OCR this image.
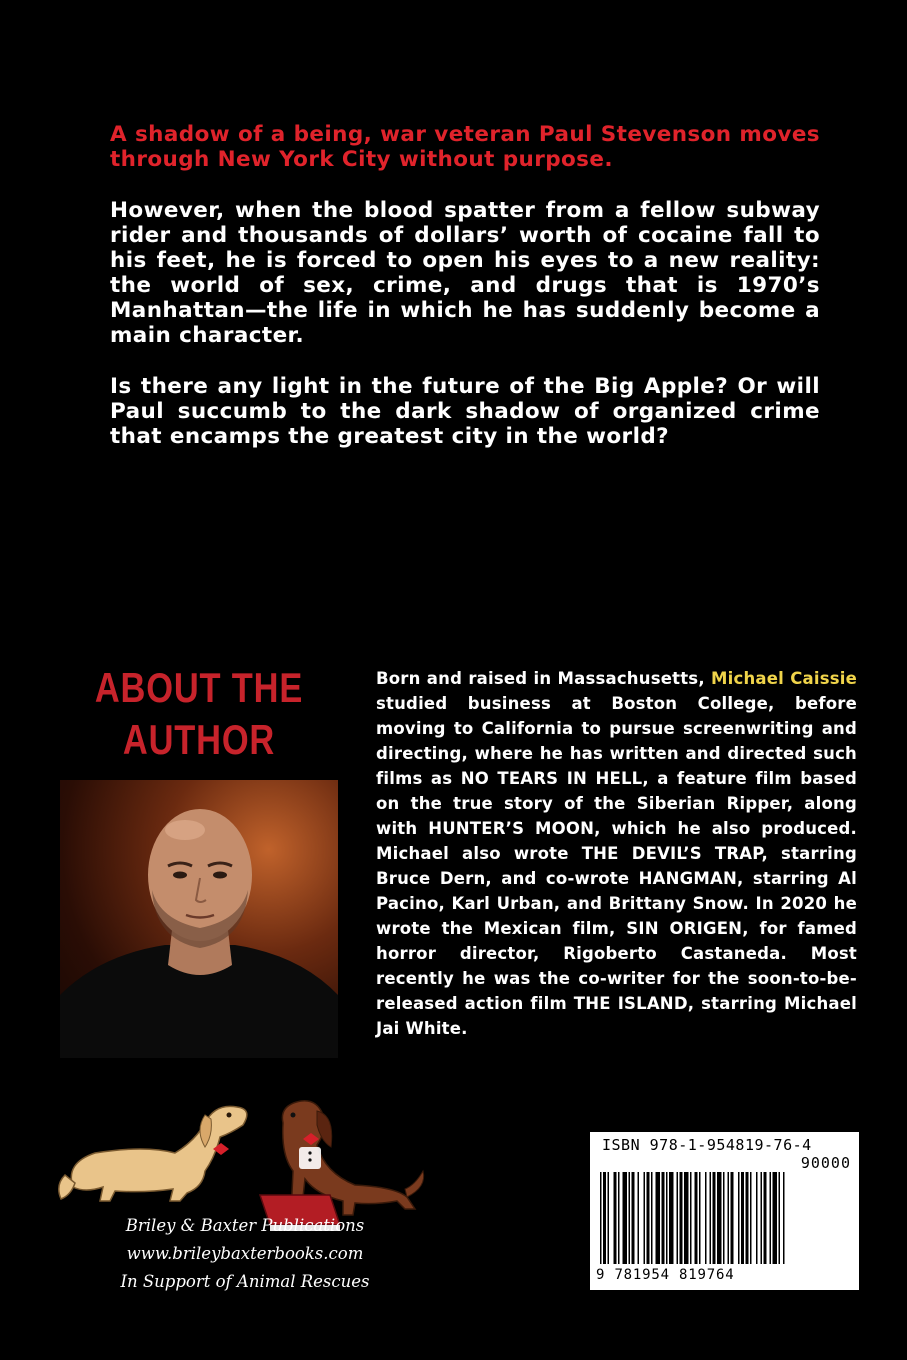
A shadow of a being, war veteran Paul Stevenson moves through New York City without purpose.

However, when the blood spatter from a fellow subway rider and thousands of dollars’ worth of cocaine fall to his feet, he is forced to open his eyes to a new reality: the world of sex, crime, and drugs that is 1970’s Manhattan—the life in which he has suddenly become a main character.

Is there any light in the future of the Big Apple? Or will Paul succumb to the dark shadow of organized crime that encamps the greatest city in the world?

ABOUT THE
AUTHOR
Born and raised in Massachusetts, Michael Caissie studied business at Boston College, before moving to California to pursue screenwriting and directing, where he has written and directed such films as NO TEARS IN HELL, a feature film based on the true story of the Siberian Ripper, along with HUNTER’S MOON, which he also produced. Michael also wrote THE DEVIL’S TRAP, starring Bruce Dern, and co-wrote HANGMAN, starring Al Pacino, Karl Urban, and Brittany Snow. In 2020 he wrote the Mexican film, SIN ORIGEN, for famed horror director, Rigoberto Castaneda. Most recently he was the co-writer for the soon-to-be-released action film THE ISLAND, starring Michael Jai White.
Briley & Baxter Publications
www.brileybaxterbooks.com
In Support of Animal Rescues
ISBN 978-1-954819-76-4
90000
9 781954 819764
